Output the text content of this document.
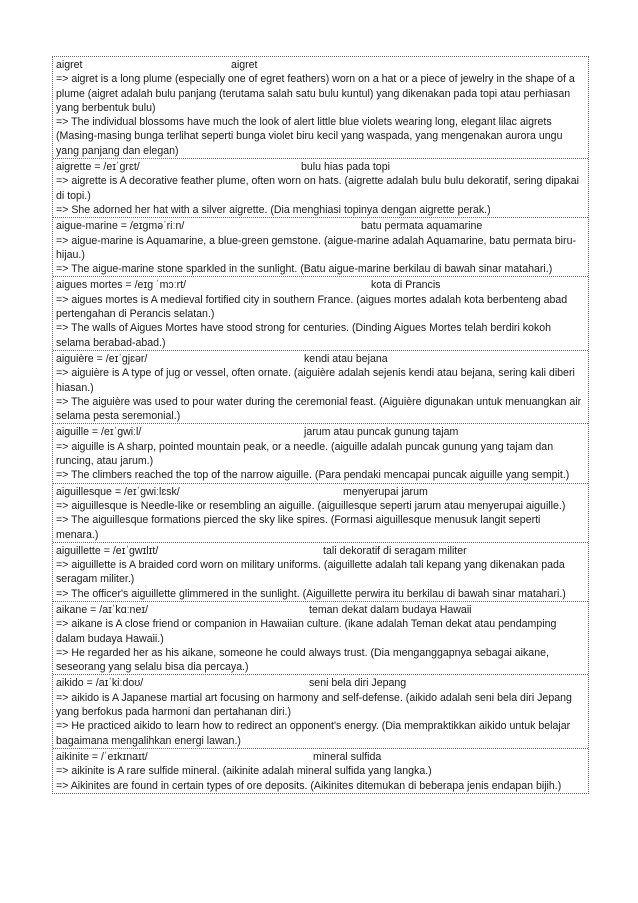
aigret	aigret
=> aigret is a long plume (especially one of egret feathers) worn on a hat or a piece of jewelry in the shape of a plume (aigret adalah bulu panjang (terutama salah satu bulu kuntul) yang dikenakan pada topi atau perhiasan yang berbentuk bulu)
=> The individual blossoms have much the look of alert little blue violets wearing long, elegant lilac aigrets (Masing-masing bunga terlihat seperti bunga violet biru kecil yang waspada, yang mengenakan aurora ungu yang panjang dan elegan)
aigrette = /eɪˈɡrɛt/	bulu hias pada topi
=> aigrette is A decorative feather plume, often worn on hats. (aigrette adalah bulu bulu dekoratif, sering dipakai di topi.)
=> She adorned her hat with a silver aigrette. (Dia menghiasi topinya dengan aigrette perak.)
aigue-marine = /eɪɡməˈriːn/	batu permata aquamarine
=> aigue-marine is Aquamarine, a blue-green gemstone. (aigue-marine adalah Aquamarine, batu permata biru-hijau.)
=> The aigue-marine stone sparkled in the sunlight. (Batu aigue-marine berkilau di bawah sinar matahari.)
aigues mortes = /eɪɡ ˈmɔːrt/	kota di Prancis
=> aigues mortes is A medieval fortified city in southern France. (aigues mortes adalah kota berbenteng abad pertengahan di Perancis selatan.)
=> The walls of Aigues Mortes have stood strong for centuries. (Dinding Aigues Mortes telah berdiri kokoh selama berabad-abad.)
aiguière = /eɪˈɡjɛər/	kendi atau bejana
=> aiguière is A type of jug or vessel, often ornate. (aiguière adalah sejenis kendi atau bejana, sering kali diberi hiasan.)
=> The aiguière was used to pour water during the ceremonial feast. (Aiguière digunakan untuk menuangkan air selama pesta seremonial.)
aiguille = /eɪˈɡwiːl/	jarum atau puncak gunung tajam
=> aiguille is A sharp, pointed mountain peak, or a needle. (aiguille adalah puncak gunung yang tajam dan runcing, atau jarum.)
=> The climbers reached the top of the narrow aiguille. (Para pendaki mencapai puncak aiguille yang sempit.)
aiguillesque = /eɪˈɡwiːlɛsk/	menyerupai jarum
=> aiguillesque is Needle-like or resembling an aiguille. (aiguillesque seperti jarum atau menyerupai aiguille.)
=> The aiguillesque formations pierced the sky like spires. (Formasi aiguillesque menusuk langit seperti menara.)
aiguillette = /eɪˈɡwɪlɪt/	tali dekoratif di seragam militer
=> aiguillette is A braided cord worn on military uniforms. (aiguillette adalah tali kepang yang dikenakan pada seragam militer.)
=> The officer's aiguillette glimmered in the sunlight. (Aiguillette perwira itu berkilau di bawah sinar matahari.)
aikane = /aɪˈkɑːneɪ/	teman dekat dalam budaya Hawaii
=> aikane is A close friend or companion in Hawaiian culture. (ikane adalah Teman dekat atau pendamping dalam budaya Hawaii.)
=> He regarded her as his aikane, someone he could always trust. (Dia menganggapnya sebagai aikane, seseorang yang selalu bisa dia percaya.)
aikido = /aɪˈkiːdoʊ/	seni bela diri Jepang
=> aikido is A Japanese martial art focusing on harmony and self-defense. (aikido adalah seni bela diri Jepang yang berfokus pada harmoni dan pertahanan diri.)
=> He practiced aikido to learn how to redirect an opponent's energy. (Dia mempraktikkan aikido untuk belajar bagaimana mengalihkan energi lawan.)
aikinite = /ˈeɪkɪnaɪt/	mineral sulfida
=> aikinite is A rare sulfide mineral. (aikinite adalah mineral sulfida yang langka.)
=> Aikinites are found in certain types of ore deposits. (Aikinites ditemukan di beberapa jenis endapan bijih.)
